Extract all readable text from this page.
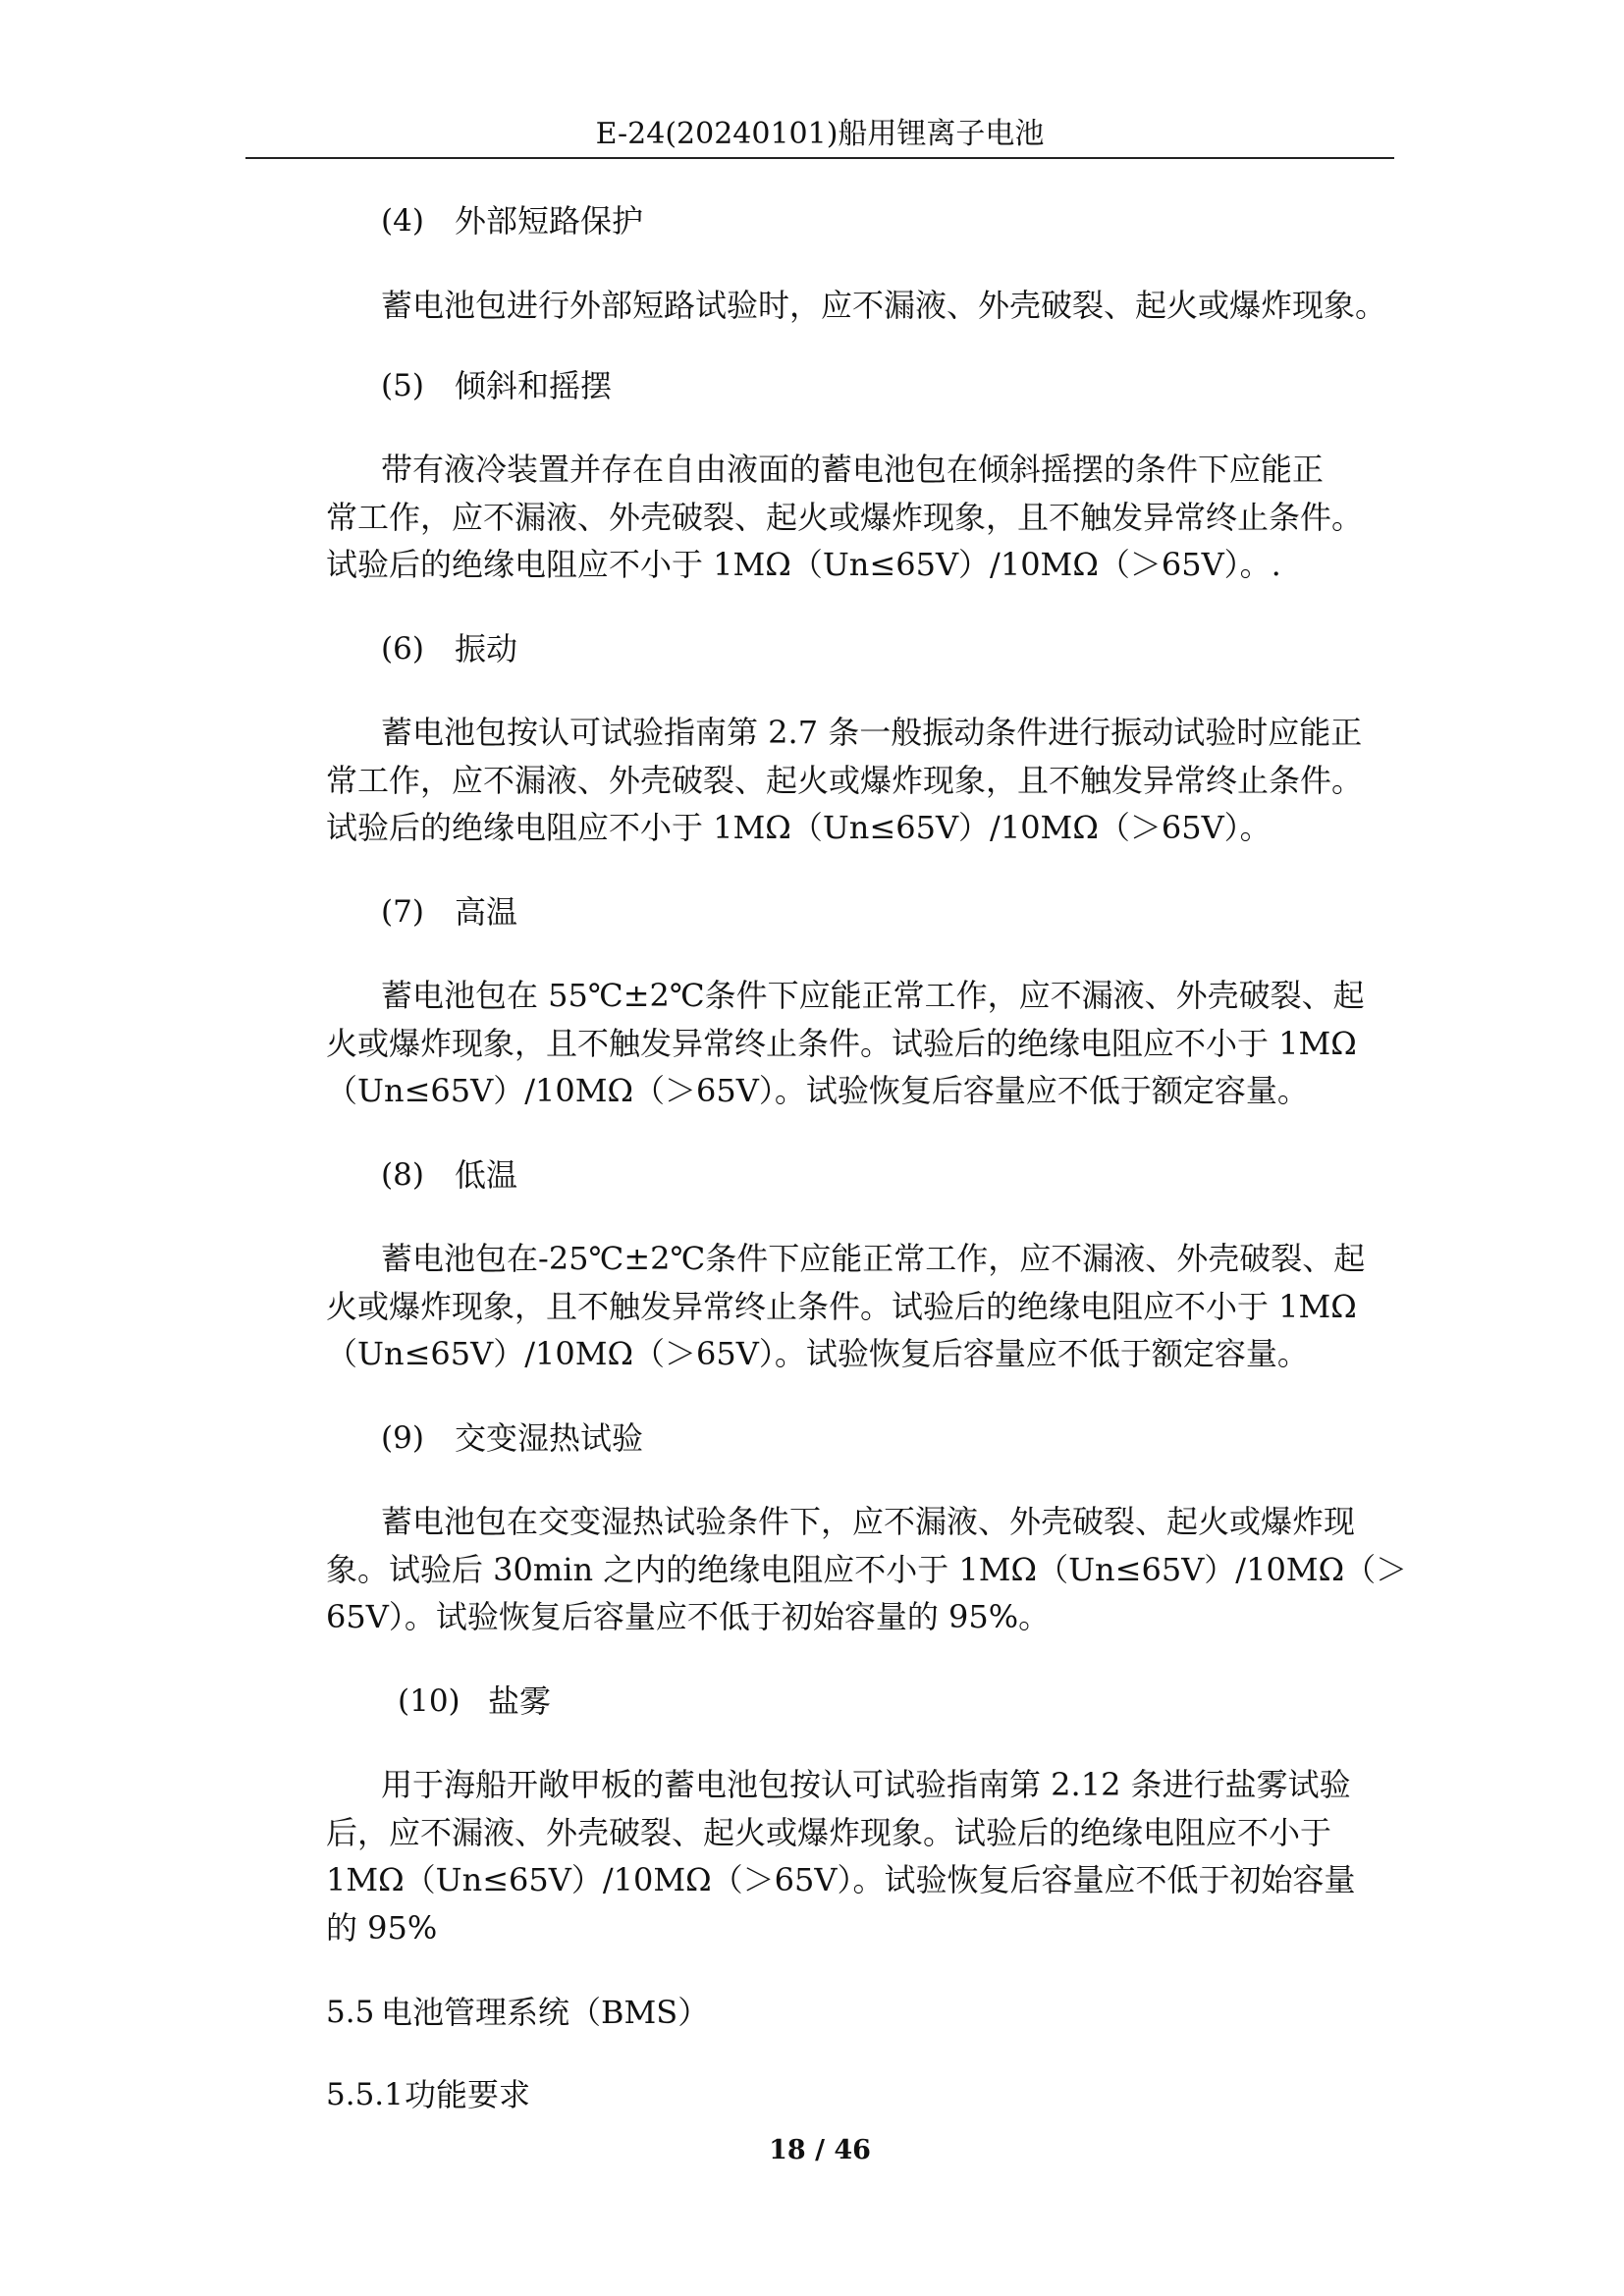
E-24(20240101)船用锂离子电池
(4) 外部短路保护
蓄电池包进行外部短路试验时，应不漏液、外壳破裂、起火或爆炸现象。
(5) 倾斜和摇摆
带有液冷装置并存在自由液面的蓄电池包在倾斜摇摆的条件下应能正
常工作，应不漏液、外壳破裂、起火或爆炸现象，且不触发异常终止条件。
试验后的绝缘电阻应不小于 1MΩ（Un≤65V）/10MΩ（＞65V）。.
(6) 振动
蓄电池包按认可试验指南第 2.7 条一般振动条件进行振动试验时应能正
常工作，应不漏液、外壳破裂、起火或爆炸现象，且不触发异常终止条件。
试验后的绝缘电阻应不小于 1MΩ（Un≤65V）/10MΩ（＞65V）。
(7) 高温
蓄电池包在 55℃±2℃条件下应能正常工作，应不漏液、外壳破裂、起
火或爆炸现象，且不触发异常终止条件。试验后的绝缘电阻应不小于 1MΩ
（Un≤65V）/10MΩ（＞65V）。试验恢复后容量应不低于额定容量。
(8) 低温
蓄电池包在-25℃±2℃条件下应能正常工作，应不漏液、外壳破裂、起
火或爆炸现象，且不触发异常终止条件。试验后的绝缘电阻应不小于 1MΩ
（Un≤65V）/10MΩ（＞65V）。试验恢复后容量应不低于额定容量。
(9) 交变湿热试验
蓄电池包在交变湿热试验条件下，应不漏液、外壳破裂、起火或爆炸现
象。试验后 30min 之内的绝缘电阻应不小于 1MΩ（Un≤65V）/10MΩ（＞
65V）。试验恢复后容量应不低于初始容量的 95%。
(10) 盐雾
用于海船开敞甲板的蓄电池包按认可试验指南第 2.12 条进行盐雾试验
后，应不漏液、外壳破裂、起火或爆炸现象。试验后的绝缘电阻应不小于
1MΩ（Un≤65V）/10MΩ（＞65V）。试验恢复后容量应不低于初始容量
的 95%
5.5 电池管理系统（BMS）
5.5.1 功能要求
18 / 46
